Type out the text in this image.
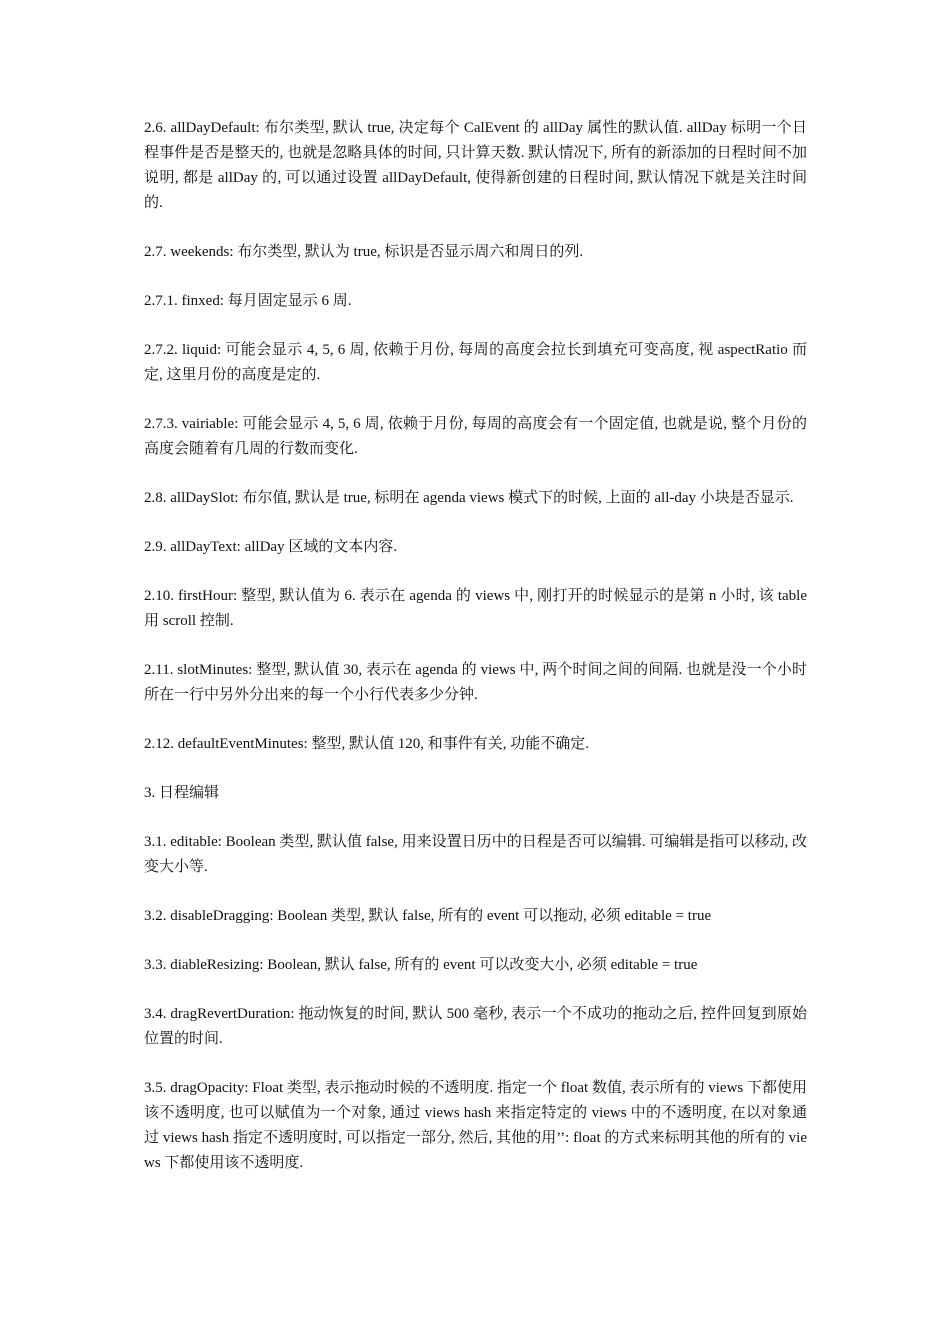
2.6. allDayDefault: 布尔类型, 默认 true, 决定每个 CalEvent 的 allDay 属性的默认值. allDay 标明一个日程事件是否是整天的, 也就是忽略具体的时间, 只计算天数. 默认情况下, 所有的新添加的日程时间不加说明, 都是 allDay 的, 可以通过设置 allDayDefault, 使得新创建的日程时间, 默认情况下就是关注时间的.

2.7. weekends: 布尔类型, 默认为 true, 标识是否显示周六和周日的列.

2.7.1. finxed: 每月固定显示 6 周.

2.7.2. liquid: 可能会显示 4, 5, 6 周, 依赖于月份, 每周的高度会拉长到填充可变高度, 视 aspectRatio 而定, 这里月份的高度是定的.

2.7.3. vairiable: 可能会显示 4, 5, 6 周, 依赖于月份, 每周的高度会有一个固定值, 也就是说, 整个月份的高度会随着有几周的行数而变化.

2.8. allDaySlot: 布尔值, 默认是 true, 标明在 agenda views 模式下的时候, 上面的 all-day 小块是否显示.

2.9. allDayText: allDay 区域的文本内容.

2.10. firstHour: 整型, 默认值为 6. 表示在 agenda 的 views 中, 刚打开的时候显示的是第 n 小时, 该 table 用 scroll 控制.

2.11. slotMinutes: 整型, 默认值 30, 表示在 agenda 的 views 中, 两个时间之间的间隔. 也就是没一个小时所在一行中另外分出来的每一个小行代表多少分钟.

2.12. defaultEventMinutes: 整型, 默认值 120, 和事件有关, 功能不确定.

3. 日程编辑

3.1. editable: Boolean 类型, 默认值 false, 用来设置日历中的日程是否可以编辑. 可编辑是指可以移动, 改变大小等.

3.2. disableDragging: Boolean 类型, 默认 false, 所有的 event 可以拖动, 必须 editable = true

3.3. diableResizing: Boolean, 默认 false, 所有的 event 可以改变大小, 必须 editable = true

3.4. dragRevertDuration: 拖动恢复的时间, 默认 500 毫秒, 表示一个不成功的拖动之后, 控件回复到原始位置的时间.

3.5. dragOpacity: Float 类型, 表示拖动时候的不透明度. 指定一个 float 数值, 表示所有的 views 下都使用该不透明度, 也可以赋值为一个对象, 通过 views hash 来指定特定的 views 中的不透明度, 在以对象通过 views hash 指定不透明度时, 可以指定一部分, 然后, 其他的用’’: float 的方式来标明其他的所有的 views 下都使用该不透明度.
